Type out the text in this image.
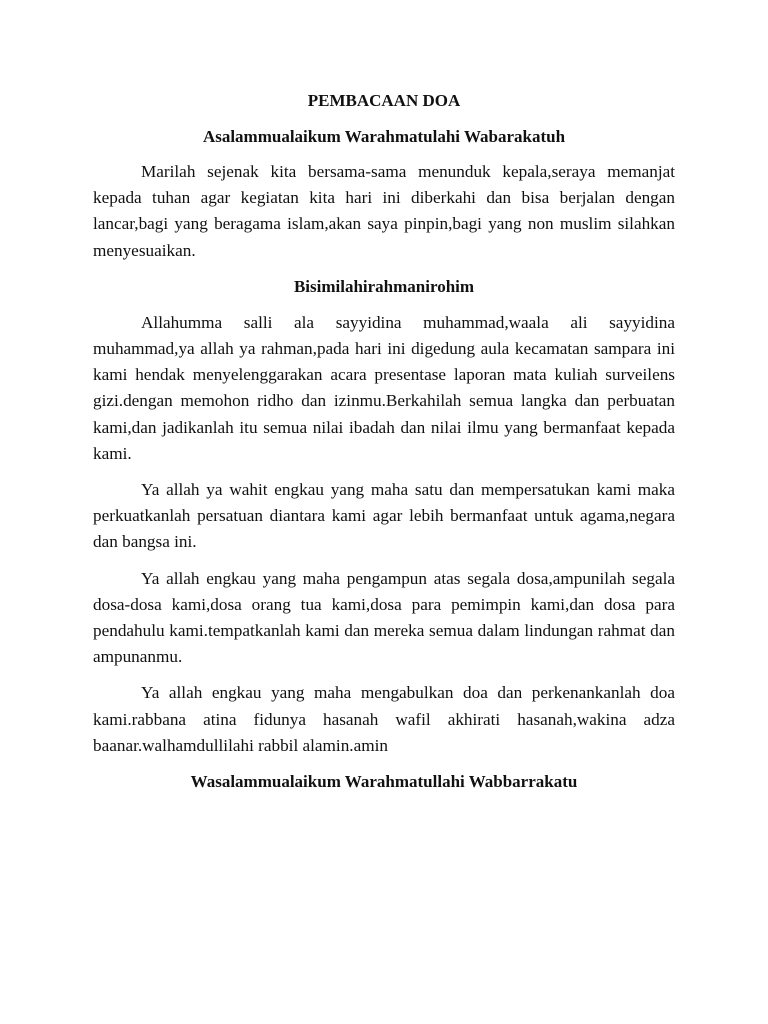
PEMBACAAN DOA
Asalammualaikum Warahmatulahi Wabarakatuh

Marilah sejenak kita bersama-sama menunduk kepala,seraya memanjat kepada tuhan agar kegiatan kita hari ini diberkahi dan bisa berjalan dengan lancar,bagi yang beragama islam,akan saya pinpin,bagi yang non muslim silahkan menyesuaikan.

Bisimilahirahmanirohim

Allahumma salli ala sayyidina muhammad,waala ali sayyidina muhammad,ya allah ya rahman,pada hari ini digedung aula kecamatan sampara ini kami hendak menyelenggarakan acara presentase laporan mata kuliah surveilens gizi.dengan memohon ridho dan izinmu.Berkahilah semua langka dan perbuatan kami,dan jadikanlah itu semua nilai ibadah dan nilai ilmu yang bermanfaat kepada kami.

Ya allah ya wahit engkau yang maha satu dan mempersatukan kami maka perkuatkanlah persatuan diantara kami agar lebih bermanfaat untuk agama,negara dan bangsa ini.

Ya allah engkau yang maha pengampun atas segala dosa,ampunilah segala dosa-dosa kami,dosa orang tua kami,dosa para pemimpin kami,dan dosa para pendahulu kami.tempatkanlah kami dan mereka semua dalam lindungan rahmat dan ampunanmu.

Ya allah engkau yang maha mengabulkan doa dan perkenankanlah doa kami.rabbana atina fidunya hasanah wafil akhirati hasanah,wakina adza baanar.walhamdullilahi rabbil alamin.amin

Wasalammualaikum Warahmatullahi Wabbarrakatu
